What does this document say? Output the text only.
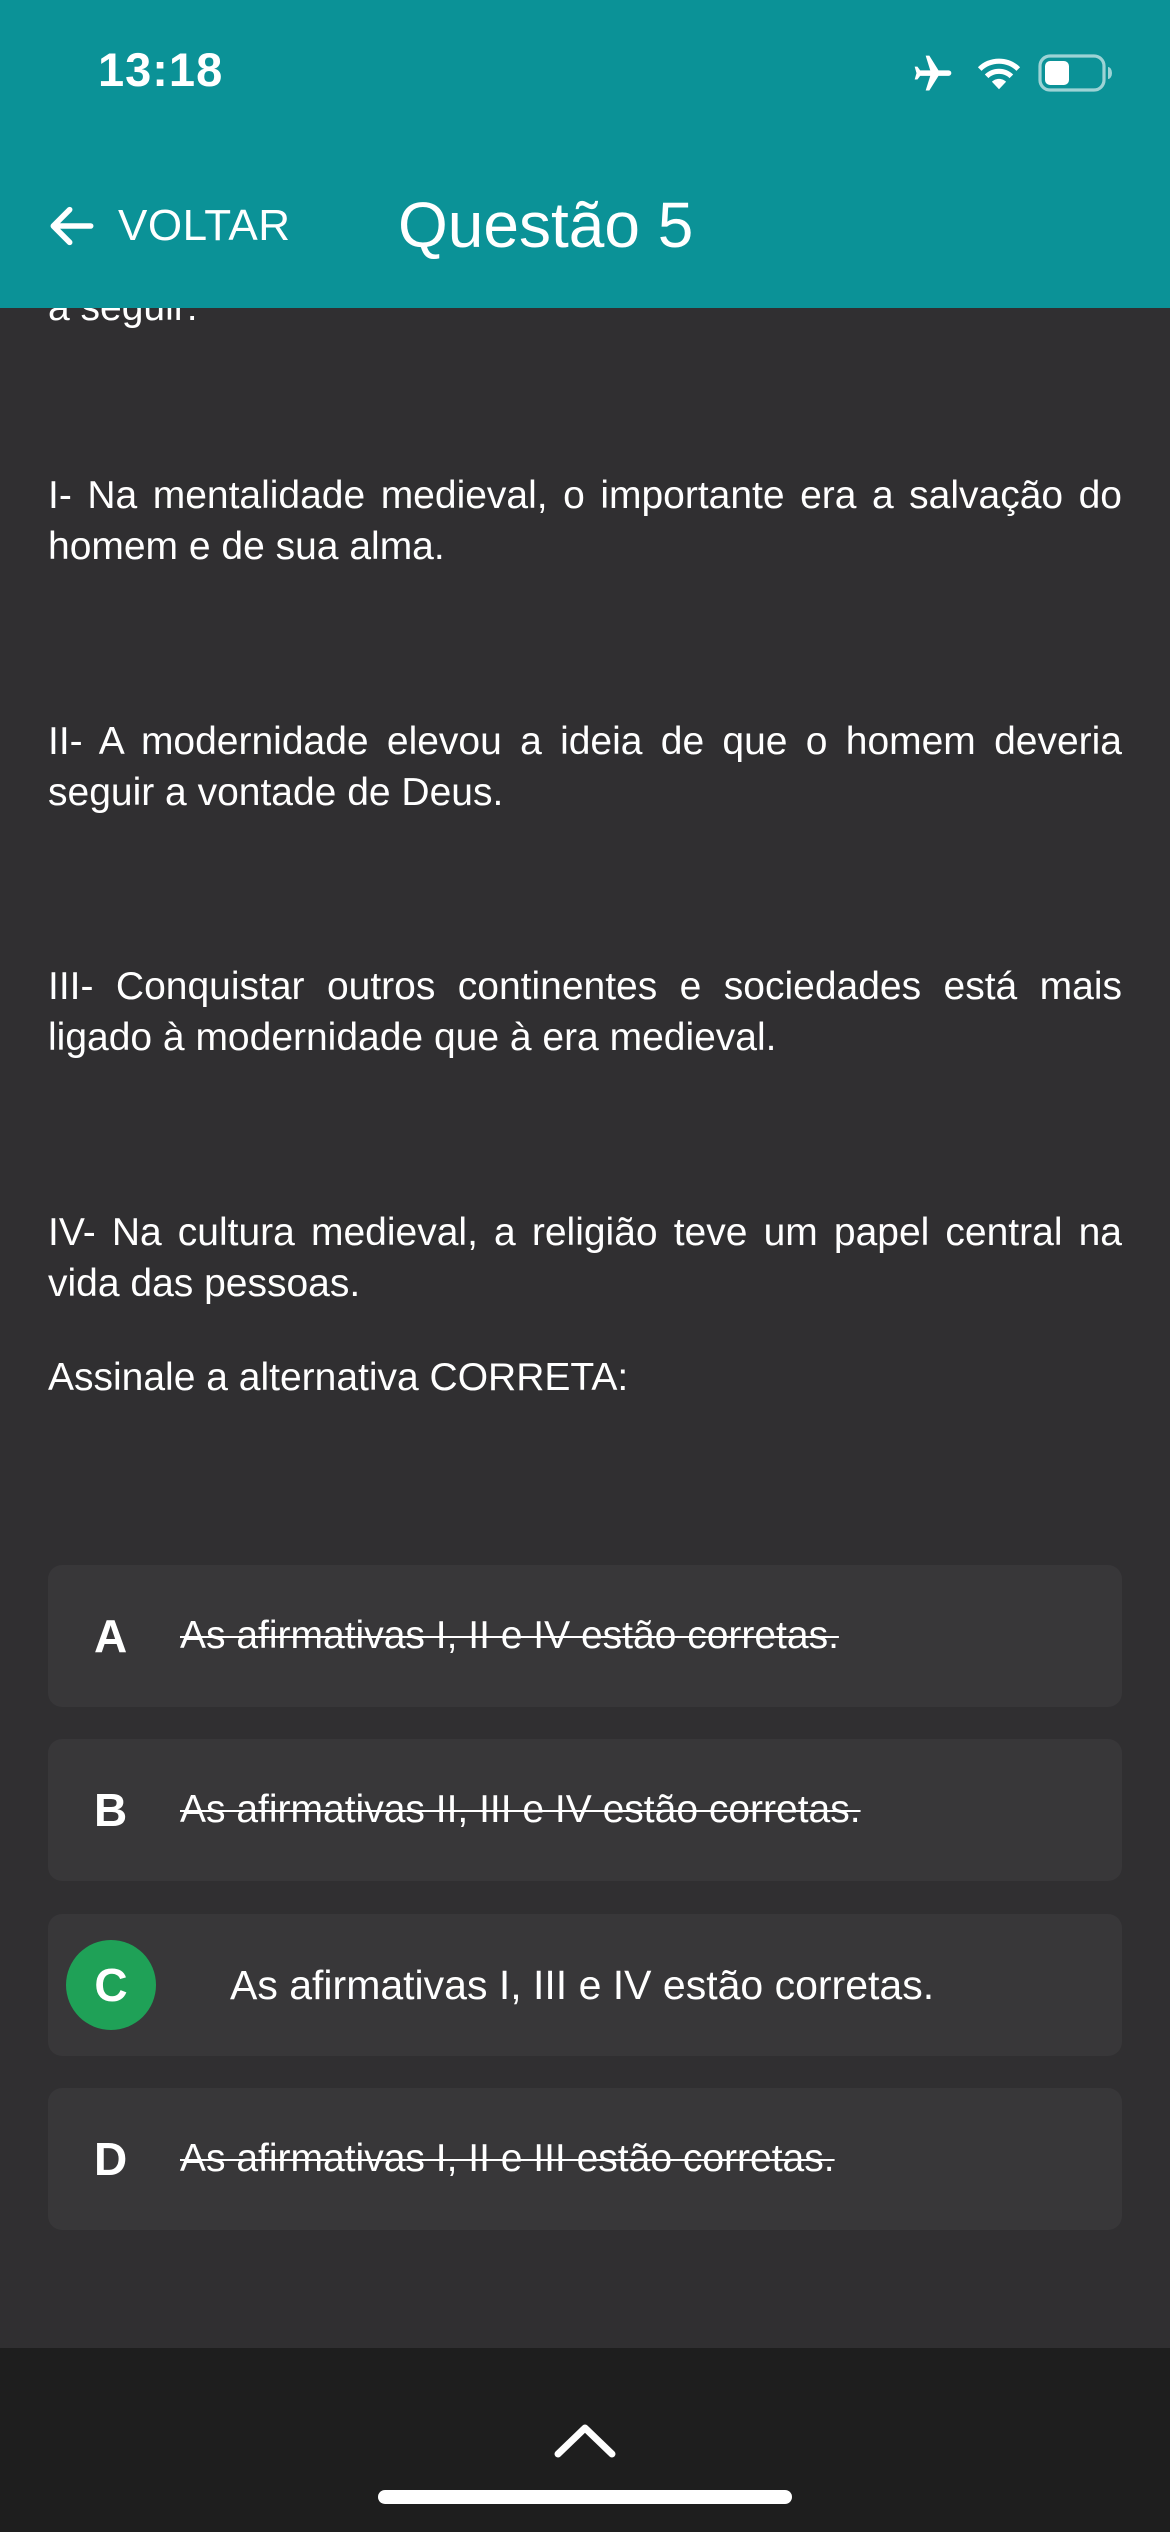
I- Na mentalidade medieval, o importante era a salvação do homem e de sua alma.

II- A modernidade elevou a ideia de que o homem deveria seguir a vontade de Deus.

III- Conquistar outros continentes e sociedades está mais ligado à modernidade que à era medieval.

IV- Na cultura medieval, a religião teve um papel central na vida das pessoas.

Assinale a alternativa CORRETA:

A	As afirmativas I, II e IV estão corretas.
B	As afirmativas II, III e IV estão corretas.
C	As afirmativas I, III e IV estão corretas.
D	As afirmativas I, II e III estão corretas.
13:18
VOLTAR Questão 5
